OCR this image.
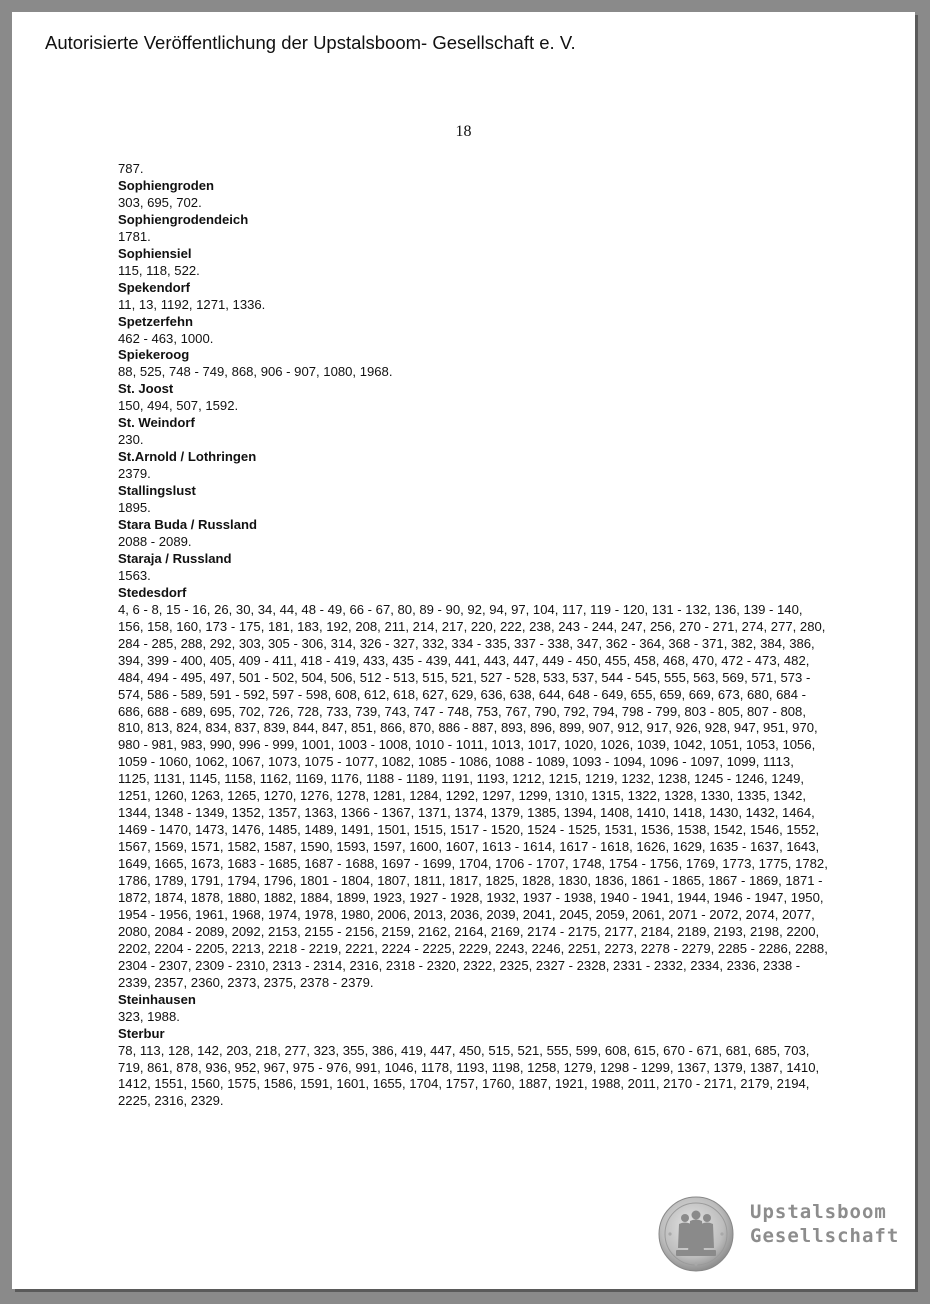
Autorisierte Veröffentlichung der Upstalsboom- Gesellschaft e. V.
18
787.
Sophiengroden
303, 695, 702.
Sophiengrodendeich
1781.
Sophiensiel
115, 118, 522.
Spekendorf
11, 13, 1192, 1271, 1336.
Spetzerfehn
462 - 463, 1000.
Spiekeroog
88, 525, 748 - 749, 868, 906 - 907, 1080, 1968.
St. Joost
150, 494, 507, 1592.
St. Weindorf
230.
St.Arnold / Lothringen
2379.
Stallingslust
1895.
Stara Buda / Russland
2088 - 2089.
Staraja / Russland
1563.
Stedesdorf
4, 6 - 8, 15 - 16, 26, 30, 34, 44, 48 - 49, 66 - 67, 80, 89 - 90, 92, 94, 97, 104, 117, 119 - 120, 131 - 132, 136, 139 - 140, 156, 158, 160, 173 - 175, 181, 183, 192, 208, 211, 214, 217, 220, 222, 238, 243 - 244, 247, 256, 270 - 271, 274, 277, 280, 284 - 285, 288, 292, 303, 305 - 306, 314, 326 - 327, 332, 334 - 335, 337 - 338, 347, 362 - 364, 368 - 371, 382, 384, 386, 394, 399 - 400, 405, 409 - 411, 418 - 419, 433, 435 - 439, 441, 443, 447, 449 - 450, 455, 458, 468, 470, 472 - 473, 482, 484, 494 - 495, 497, 501 - 502, 504, 506, 512 - 513, 515, 521, 527 - 528, 533, 537, 544 - 545, 555, 563, 569, 571, 573 - 574, 586 - 589, 591 - 592, 597 - 598, 608, 612, 618, 627, 629, 636, 638, 644, 648 - 649, 655, 659, 669, 673, 680, 684 - 686, 688 - 689, 695, 702, 726, 728, 733, 739, 743, 747 - 748, 753, 767, 790, 792, 794, 798 - 799, 803 - 805, 807 - 808, 810, 813, 824, 834, 837, 839, 844, 847, 851, 866, 870, 886 - 887, 893, 896, 899, 907, 912, 917, 926, 928, 947, 951, 970, 980 - 981, 983, 990, 996 - 999, 1001, 1003 - 1008, 1010 - 1011, 1013, 1017, 1020, 1026, 1039, 1042, 1051, 1053, 1056, 1059 - 1060, 1062, 1067, 1073, 1075 - 1077, 1082, 1085 - 1086, 1088 - 1089, 1093 - 1094, 1096 - 1097, 1099, 1113, 1125, 1131, 1145, 1158, 1162, 1169, 1176, 1188 - 1189, 1191, 1193, 1212, 1215, 1219, 1232, 1238, 1245 - 1246, 1249, 1251, 1260, 1263, 1265, 1270, 1276, 1278, 1281, 1284, 1292, 1297, 1299, 1310, 1315, 1322, 1328, 1330, 1335, 1342, 1344, 1348 - 1349, 1352, 1357, 1363, 1366 - 1367, 1371, 1374, 1379, 1385, 1394, 1408, 1410, 1418, 1430, 1432, 1464, 1469 - 1470, 1473, 1476, 1485, 1489, 1491, 1501, 1515, 1517 - 1520, 1524 - 1525, 1531, 1536, 1538, 1542, 1546, 1552, 1567, 1569, 1571, 1582, 1587, 1590, 1593, 1597, 1600, 1607, 1613 - 1614, 1617 - 1618, 1626, 1629, 1635 - 1637, 1643, 1649, 1665, 1673, 1683 - 1685, 1687 - 1688, 1697 - 1699, 1704, 1706 - 1707, 1748, 1754 - 1756, 1769, 1773, 1775, 1782, 1786, 1789, 1791, 1794, 1796, 1801 - 1804, 1807, 1811, 1817, 1825, 1828, 1830, 1836, 1861 - 1865, 1867 - 1869, 1871 - 1872, 1874, 1878, 1880, 1882, 1884, 1899, 1923, 1927 - 1928, 1932, 1937 - 1938, 1940 - 1941, 1944, 1946 - 1947, 1950, 1954 - 1956, 1961, 1968, 1974, 1978, 1980, 2006, 2013, 2036, 2039, 2041, 2045, 2059, 2061, 2071 - 2072, 2074, 2077, 2080, 2084 - 2089, 2092, 2153, 2155 - 2156, 2159, 2162, 2164, 2169, 2174 - 2175, 2177, 2184, 2189, 2193, 2198, 2200, 2202, 2204 - 2205, 2213, 2218 - 2219, 2221, 2224 - 2225, 2229, 2243, 2246, 2251, 2273, 2278 - 2279, 2285 - 2286, 2288, 2304 - 2307, 2309 - 2310, 2313 - 2314, 2316, 2318 - 2320, 2322, 2325, 2327 - 2328, 2331 - 2332, 2334, 2336, 2338 - 2339, 2357, 2360, 2373, 2375, 2378 - 2379.
Steinhausen
323, 1988.
Sterbur
78, 113, 128, 142, 203, 218, 277, 323, 355, 386, 419, 447, 450, 515, 521, 555, 599, 608, 615, 670 - 671, 681, 685, 703, 719, 861, 878, 936, 952, 967, 975 - 976, 991, 1046, 1178, 1193, 1198, 1258, 1279, 1298 - 1299, 1367, 1379, 1387, 1410, 1412, 1551, 1560, 1575, 1586, 1591, 1601, 1655, 1704, 1757, 1760, 1887, 1921, 1988, 2011, 2170 - 2171, 2179, 2194, 2225, 2316, 2329.
Upstalsboom
Gesellschaft
